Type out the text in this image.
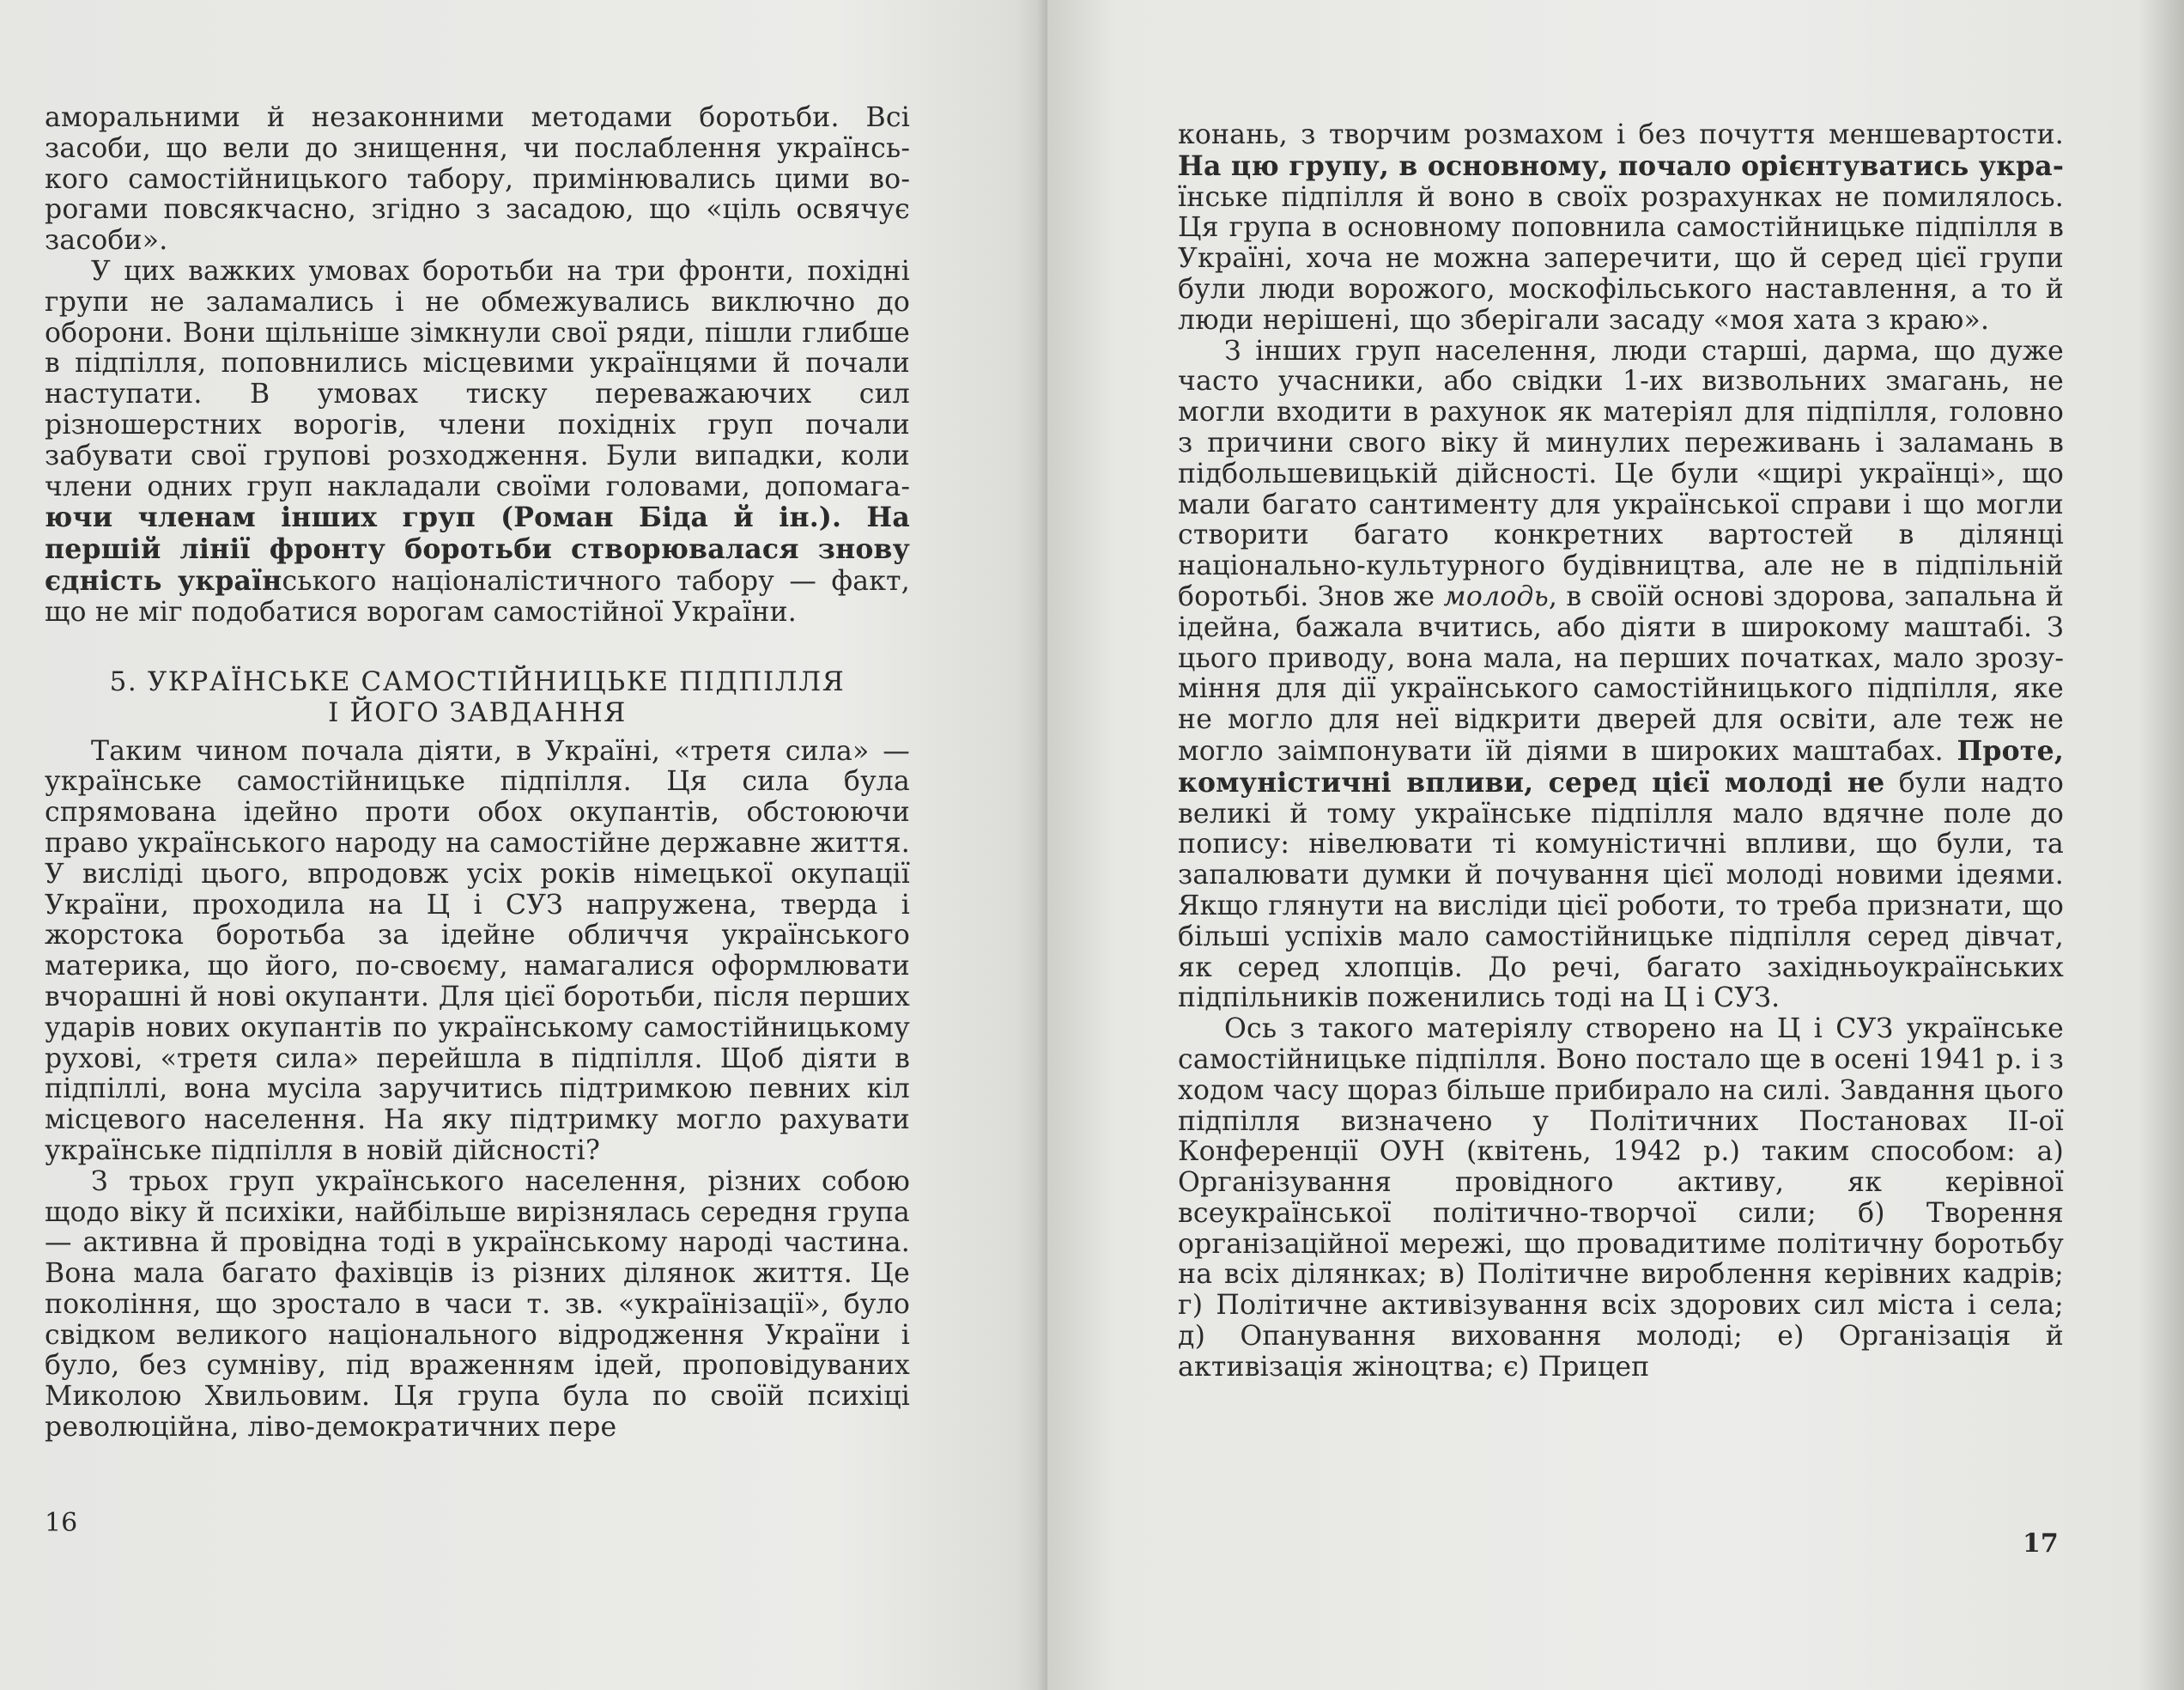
аморальними й незаконними методами боротьби. Всі засоби, що вели до знищення, чи послаблення українського самостійницького табору, примінювались цими ворогами повсякчасно, згідно з засадою, що «ціль освячує засоби».

У цих важких умовах боротьби на три фронти, похідні групи не заламались і не обмежувались виключно до оборони. Вони щільніше зімкнули свої ряди, пішли глибше в підпілля, поповнились місцевими українцями й почали наступати. В умовах тиску переважаючих сил різношерстних ворогів, члени похідніх груп почали забувати свої групові розходження. Були випадки, коли члени одних груп накладали своїми головами, допомагаючи членам інших груп (Роман Біда й ін.). На першій лінії фронту боротьби створювалася знову єдність українського націоналістичного табору — факт, що не міг подобатися ворогам самостійної України.

5. УКРАЇНСЬКЕ САМОСТІЙНИЦЬКЕ ПІДПІЛЛЯ
І ЙОГО ЗАВДАННЯ

Таким чином почала діяти, в Україні, «третя сила» — українське самостійницьке підпілля. Ця сила була спрямована ідейно проти обох окупантів, обстоюючи право українського народу на самостійне державне життя. У висліді цього, впродовж усіх років німецької окупації України, проходила на Ц і СУЗ напружена, тверда і жорстока боротьба за ідейне обличчя українського материка, що його, по-своєму, намагалися оформлювати вчорашні й нові окупанти. Для цієї боротьби, після перших ударів нових окупантів по українському самостійницькому рухові, «третя сила» перейшла в підпілля. Щоб діяти в підпіллі, вона мусіла заручитись підтримкою певних кіл місцевого населення. На яку підтримку могло рахувати українське підпілля в новій дійсності?

З трьох груп українського населення, різних собою щодо віку й психіки, найбільше вирізнялась середня група — активна й провідна тоді в українському народі частина. Вона мала багато фахівців із різних ділянок життя. Це покоління, що зростало в часи т. зв. «українізації», було свідком великого національного відродження України і було, без сумніву, під враженням ідей, проповідуваних Миколою Хвильовим. Ця група була по своїй психіці революційна, ліво-демократичних пере

16

конань, з творчим розмахом і без почуття меншевартости. На цю групу, в основному, почало орієнтуватись українське підпілля й воно в своїх розрахунках не помилялось. Ця група в основному поповнила самостійницьке підпілля в Україні, хоча не можна заперечити, що й серед цієї групи були люди ворожого, москофільського наставлення, а то й люди нерішені, що зберігали засаду «моя хата з краю».

З інших груп населення, люди старші, дарма, що дуже часто учасники, або свідки 1-их визвольних змагань, не могли входити в рахунок як матеріял для підпілля, головно з причини свого віку й минулих переживань і заламань в підбольшевицькій дійсності. Це були «щирі українці», що мали багато сантименту для української справи і що могли створити багато конкретних вартостей в ділянці національно-культурного будівництва, але не в підпільній боротьбі. Знов же молодь, в своїй основі здорова, запальна й ідейна, бажала вчитись, або діяти в широкому маштабі. З цього приводу, вона мала, на перших початках, мало зрозуміння для дії українського самостійницького підпілля, яке не могло для неї відкрити дверей для освіти, але теж не могло заімпонувати їй діями в широких маштабах. Проте, комуністичні впливи, серед цієї молоді не були надто великі й тому українське підпілля мало вдячне поле до попису: нівелювати ті комуністичні впливи, що були, та запалювати думки й почування цієї молоді новими ідеями. Якщо глянути на висліди цієї роботи, то треба признати, що більші успіхів мало самостійницьке підпілля серед дівчат, як серед хлопців. До речі, багато західньоукраїнських підпільників поженились тоді на Ц і СУЗ.

Ось з такого матеріялу створено на Ц і СУЗ українське самостійницьке підпілля. Воно постало ще в осені 1941 р. і з ходом часу щораз більше прибирало на силі. Завдання цього підпілля визначено у Політичних Постановах ІІ-ої Конференції ОУН (квітень, 1942 р.) таким способом: а) Організування провідного активу, як керівної всеукраїнської політично-творчої сили; б) Творення організаційної мережі, що провадитиме політичну боротьбу на всіх ділянках; в) Політичне вироблення керівних кадрів; г) Політичне активізування всіх здорових сил міста і села; д) Опанування виховання молоді; е) Організація й активізація жіноцтва; є) Прицеп

17
